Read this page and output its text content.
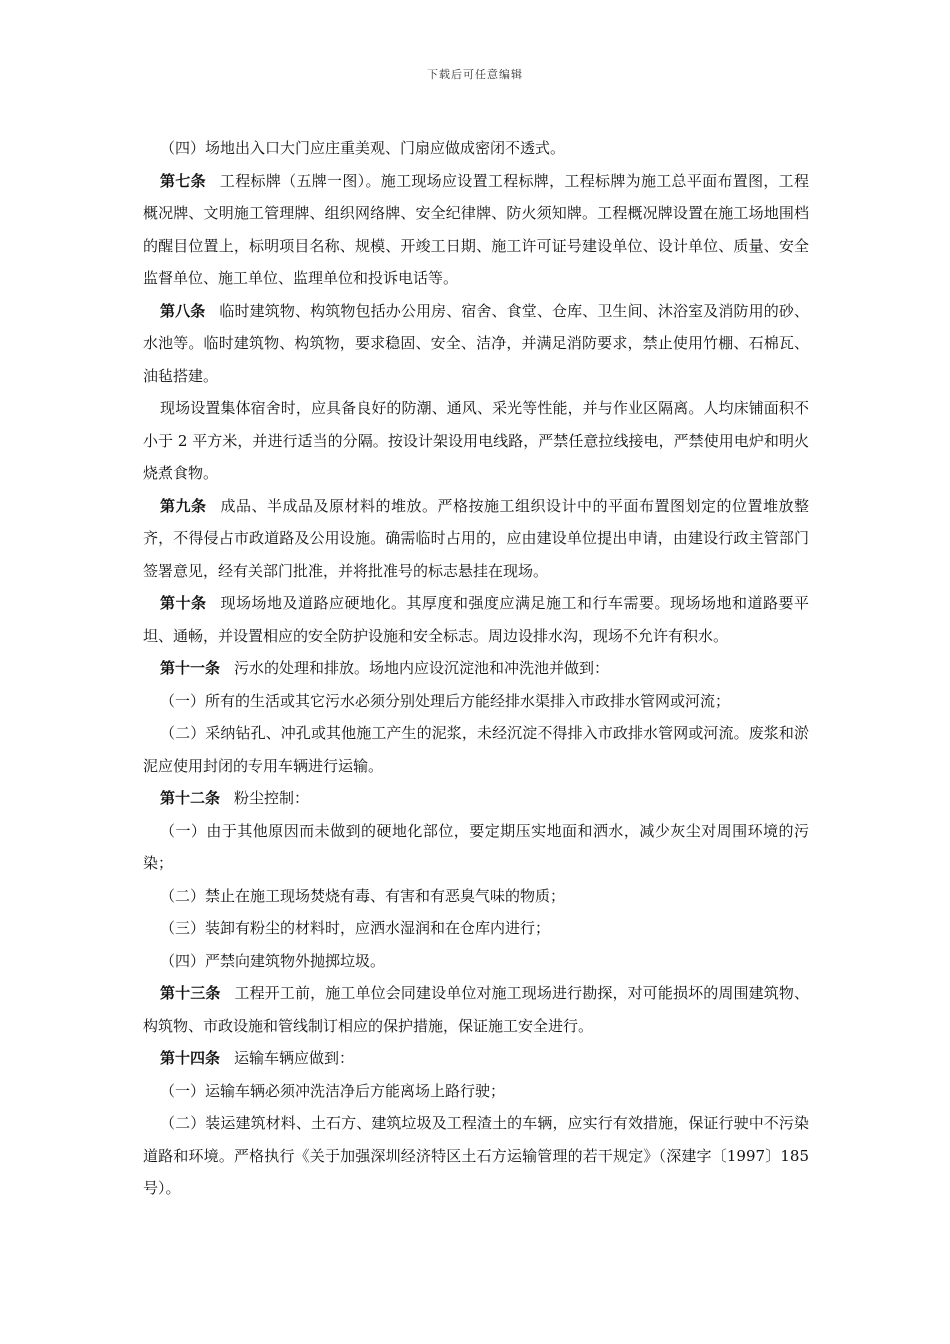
下载后可任意编辑

（四）场地出入口大门应庄重美观、门扇应做成密闭不透式。

第七条 工程标牌（五牌一图）。施工现场应设置工程标牌，工程标牌为施工总平面布置图，工程概况牌、文明施工管理牌、组织网络牌、安全纪律牌、防火须知牌。工程概况牌设置在施工场地围档的醒目位置上，标明项目名称、规模、开竣工日期、施工许可证号建设单位、设计单位、质量、安全监督单位、施工单位、监理单位和投诉电话等。

第八条 临时建筑物、构筑物包括办公用房、宿舍、食堂、仓库、卫生间、沐浴室及消防用的砂、水池等。临时建筑物、构筑物，要求稳固、安全、洁净，并满足消防要求，禁止使用竹棚、石棉瓦、油毡搭建。

现场设置集体宿舍时，应具备良好的防潮、通风、采光等性能，并与作业区隔离。人均床铺面积不小于 2 平方米，并进行适当的分隔。按设计架设用电线路，严禁任意拉线接电，严禁使用电炉和明火烧煮食物。

第九条 成品、半成品及原材料的堆放。严格按施工组织设计中的平面布置图划定的位置堆放整齐，不得侵占市政道路及公用设施。确需临时占用的，应由建设单位提出申请，由建设行政主管部门签署意见，经有关部门批准，并将批准号的标志悬挂在现场。

第十条 现场场地及道路应硬地化。其厚度和强度应满足施工和行车需要。现场场地和道路要平坦、通畅，并设置相应的安全防护设施和安全标志。周边设排水沟，现场不允许有积水。

第十一条 污水的处理和排放。场地内应设沉淀池和冲洗池并做到：

（一）所有的生活或其它污水必须分别处理后方能经排水渠排入市政排水管网或河流；

（二）采纳钻孔、冲孔或其他施工产生的泥浆，未经沉淀不得排入市政排水管网或河流。废浆和淤泥应使用封闭的专用车辆进行运输。

第十二条 粉尘控制：

（一）由于其他原因而未做到的硬地化部位，要定期压实地面和洒水，减少灰尘对周围环境的污染；

（二）禁止在施工现场焚烧有毒、有害和有恶臭气味的物质；

（三）装卸有粉尘的材料时，应洒水湿润和在仓库内进行；

（四）严禁向建筑物外抛掷垃圾。

第十三条 工程开工前，施工单位会同建设单位对施工现场进行勘探，对可能损坏的周围建筑物、构筑物、市政设施和管线制订相应的保护措施，保证施工安全进行。

第十四条 运输车辆应做到：

（一）运输车辆必须冲洗洁净后方能离场上路行驶；

（二）装运建筑材料、土石方、建筑垃圾及工程渣土的车辆，应实行有效措施，保证行驶中不污染道路和环境。严格执行《关于加强深圳经济特区土石方运输管理的若干规定》（深建字〔1997〕185 号）。
